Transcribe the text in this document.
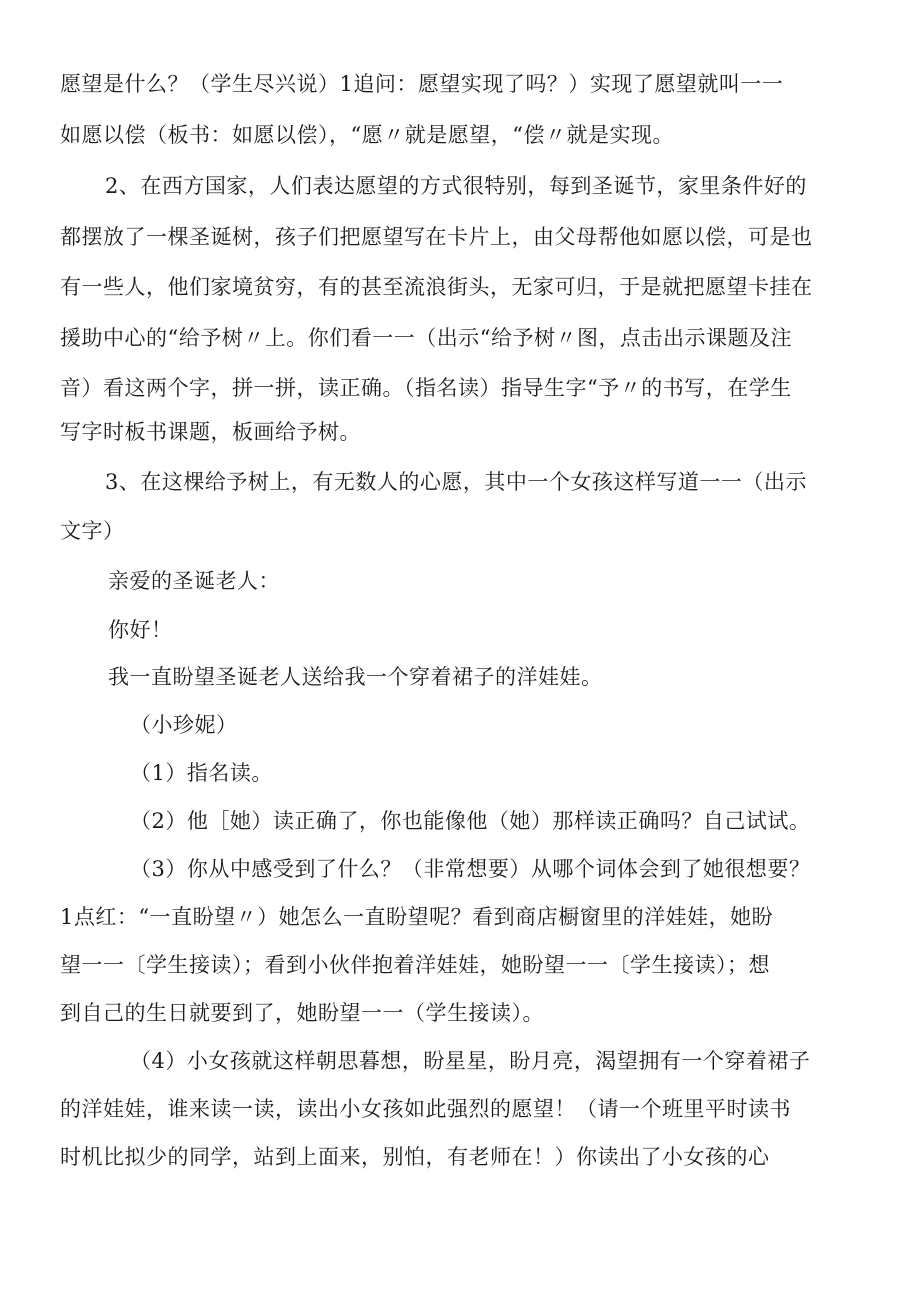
愿望是什么？（学生尽兴说）1追问：愿望实现了吗？）实现了愿望就叫一一
如愿以偿（板书：如愿以偿），“愿〃就是愿望，“偿〃就是实现。
2、在西方国家，人们表达愿望的方式很特别，每到圣诞节，家里条件好的
都摆放了一棵圣诞树，孩子们把愿望写在卡片上，由父母帮他如愿以偿，可是也
有一些人，他们家境贫穷，有的甚至流浪街头，无家可归，于是就把愿望卡挂在
援助中心的“给予树〃上。你们看一一（出示“给予树〃图，点击出示课题及注
音）看这两个字，拼一拼，读正确。（指名读）指导生字“予〃的书写，在学生
写字时板书课题，板画给予树。
3、在这棵给予树上，有无数人的心愿，其中一个女孩这样写道一一（出示
文字）
亲爱的圣诞老人：
你好！
我一直盼望圣诞老人送给我一个穿着裙子的洋娃娃。
（小珍妮）
（1）指名读。
（2）他［她）读正确了，你也能像他（她）那样读正确吗？自己试试。
（3）你从中感受到了什么？（非常想要）从哪个词体会到了她很想要？
1点红：“一直盼望〃）她怎么一直盼望呢？看到商店橱窗里的洋娃娃，她盼
望一一〔学生接读）；看到小伙伴抱着洋娃娃，她盼望一一〔学生接读）；想
到自己的生日就要到了，她盼望一一（学生接读）。
（4）小女孩就这样朝思暮想，盼星星，盼月亮，渴望拥有一个穿着裙子
的洋娃娃，谁来读一读，读出小女孩如此强烈的愿望！（请一个班里平时读书
时机比拟少的同学，站到上面来，别怕，有老师在！）你读出了小女孩的心
